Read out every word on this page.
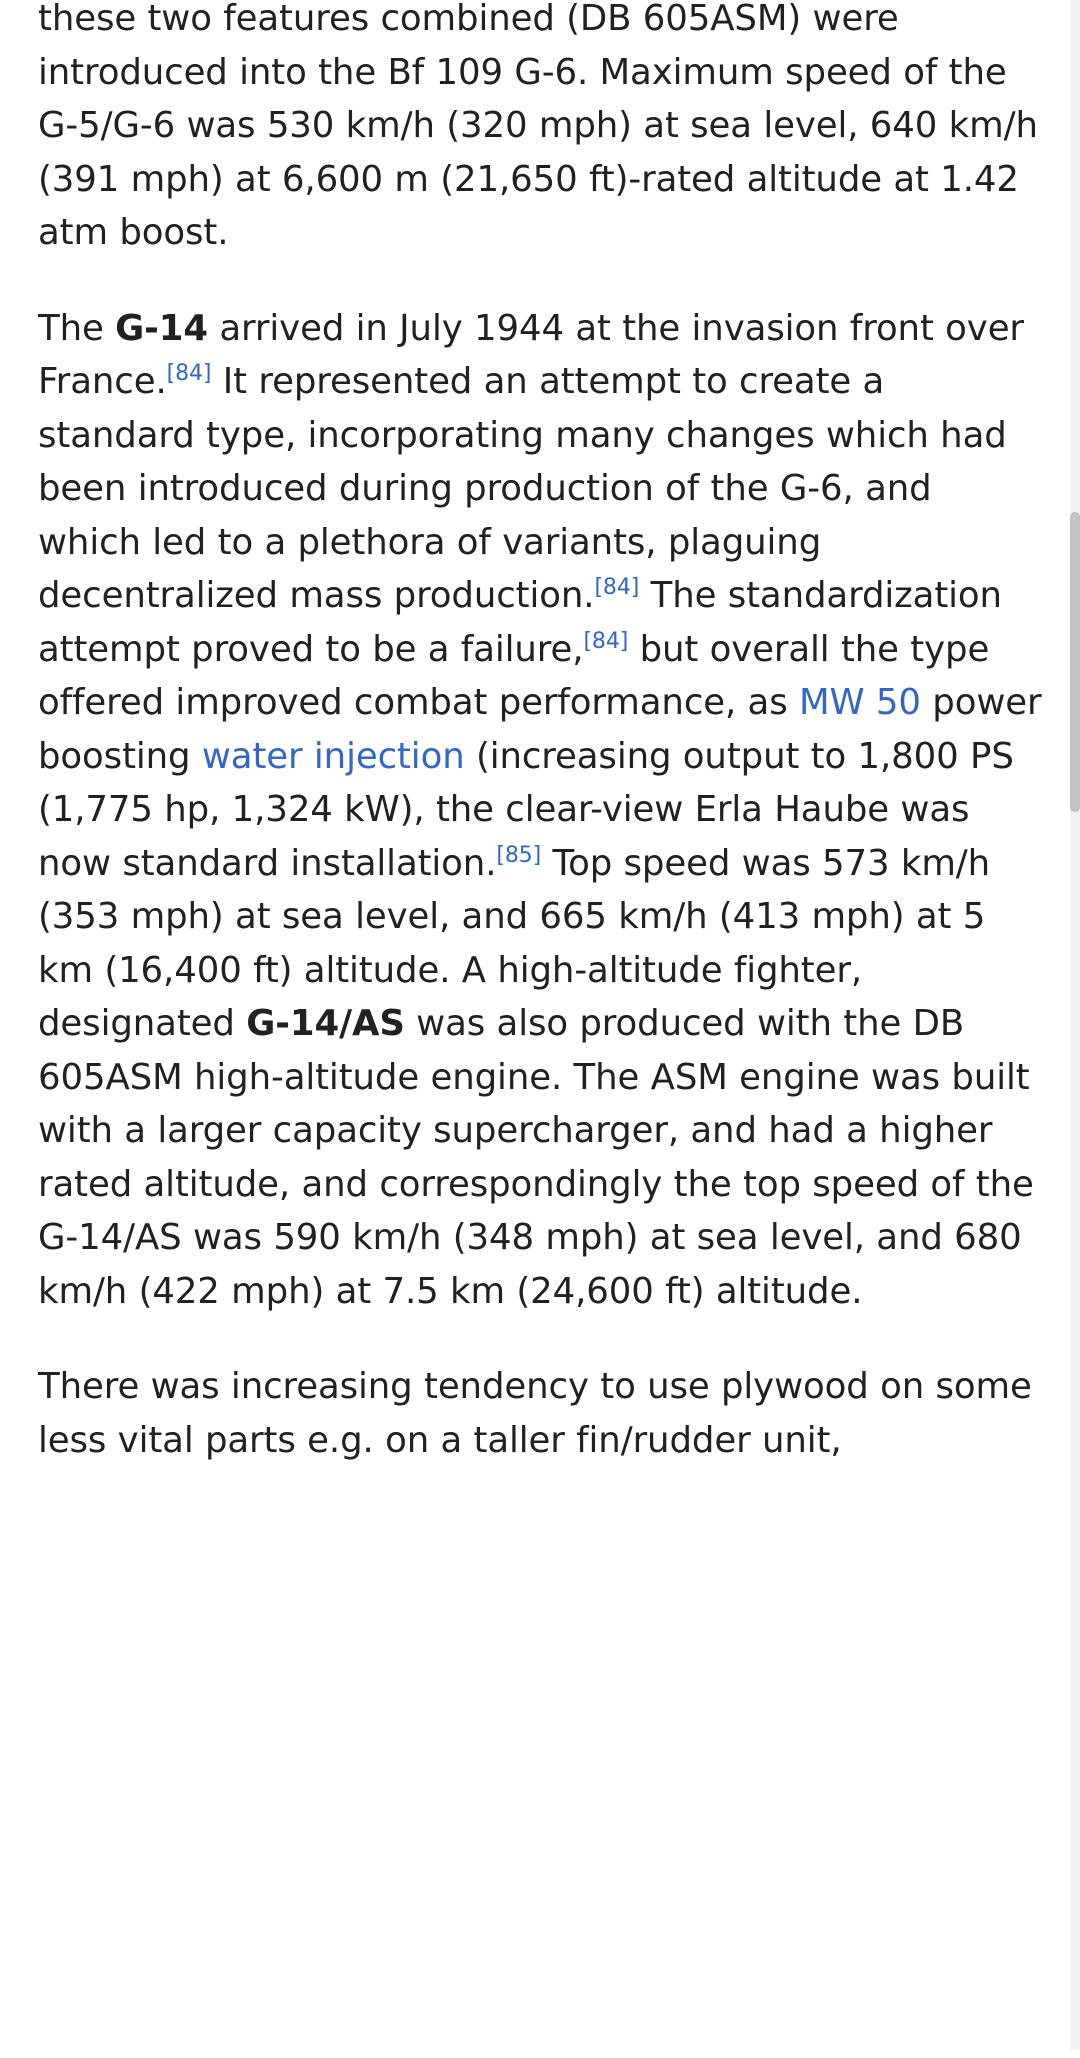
these two features combined (DB 605ASM) were introduced into the Bf 109 G-6. Maximum speed of the G-5/G-6 was 530 km/h (320 mph) at sea level, 640 km/h (391 mph) at 6,600 m (21,650 ft)-rated altitude at 1.42 atm boost.

The G-14 arrived in July 1944 at the invasion front over France.[84] It represented an attempt to create a standard type, incorporating many changes which had been introduced during production of the G-6, and which led to a plethora of variants, plaguing decentralized mass production.[84] The standardization attempt proved to be a failure,[84] but overall the type offered improved combat performance, as MW 50 power boosting water injection (increasing output to 1,800 PS (1,775 hp, 1,324 kW), the clear-view Erla Haube was now standard installation.[85] Top speed was 573 km/h (353 mph) at sea level, and 665 km/h (413 mph) at 5 km (16,400 ft) altitude. A high-altitude fighter, designated G-14/AS was also produced with the DB 605ASM high-altitude engine. The ASM engine was built with a larger capacity supercharger, and had a higher rated altitude, and correspondingly the top speed of the G-14/AS was 590 km/h (348 mph) at sea level, and 680 km/h (422 mph) at 7.5 km (24,600 ft) altitude.

There was increasing tendency to use plywood on some less vital parts e.g. on a taller fin/rudder unit,
